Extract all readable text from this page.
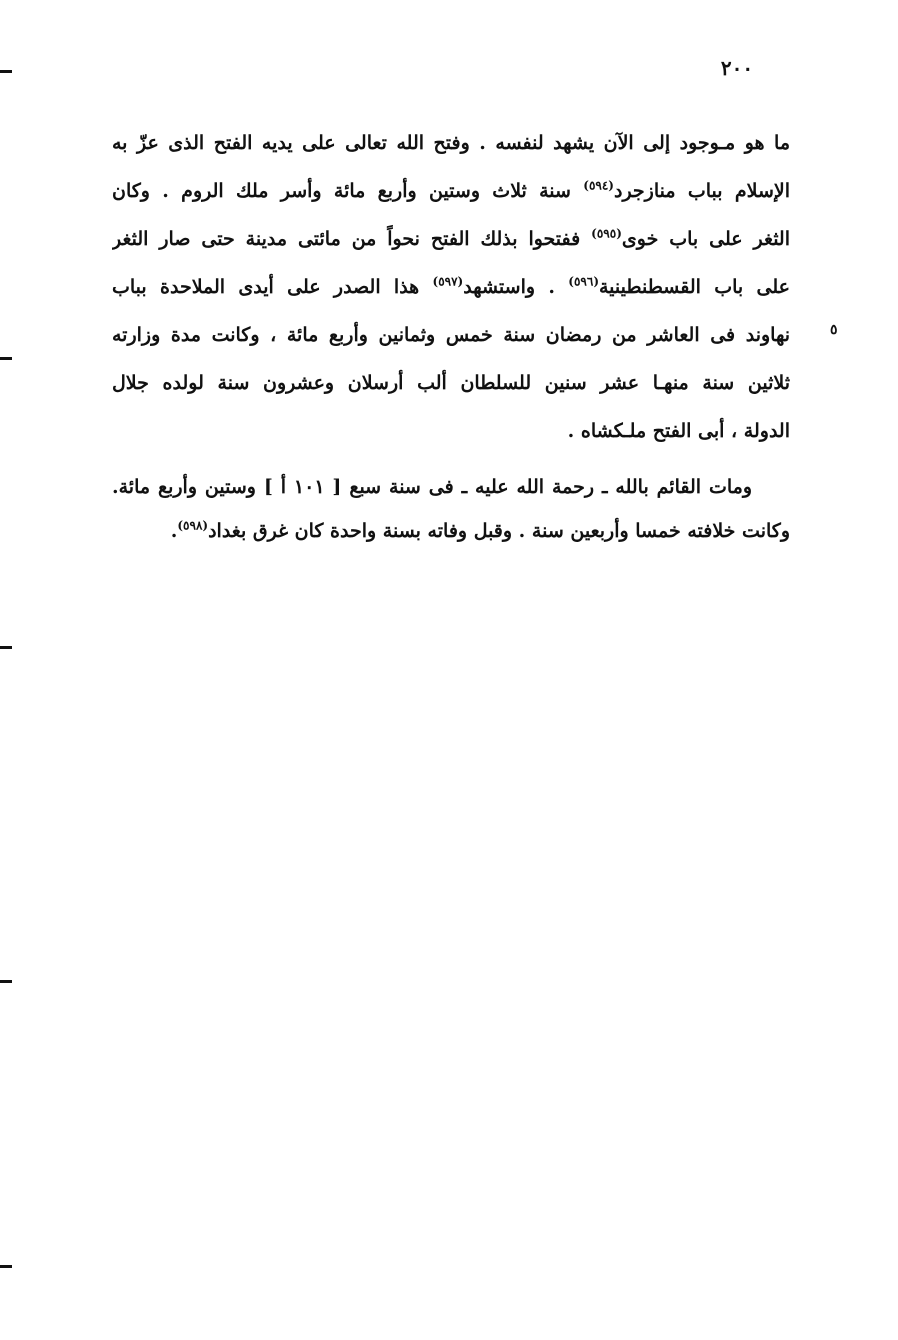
٢٠٠
٥
ما هو مـوجود إلى الآن يشهد لنفسه . وفتح الله تعالى على يديه الفتح الذى عزّ به
الإسلام بباب منازجرد$^{(٥٩٤)}$ سنة ثلاث وستين وأربع مائة وأسر ملك الروم . وكان
الثغر على باب خوى$^{(٥٩٥)}$ ففتحوا بذلك الفتح نحواً من مائتى مدينة حتى صار الثغر
على باب القسطنطينية$^{(٥٩٦)}$ . واستشهد$^{(٥٩٧)}$ هذا الصدر على أيدى الملاحدة بباب
نهاوند فى العاشر من رمضان سنة خمس وثمانين وأربع مائة ، وكانت مدة وزارته
ثلاثين سنة منهـا عشر سنين للسلطان ألب أرسلان وعشرون سنة لولده جلال
الدولة ، أبى الفتح ملـكشاه .
ومات القائم بالله ـ رحمة الله عليه ـ فى سنة سبع [ ١٠١ أ ] وستين وأربع مائة.
وكانت خلافته خمسا وأربعين سنة . وقبل وفاته بسنة واحدة كان غرق بغداد$^{(٥٩٨)}$.
